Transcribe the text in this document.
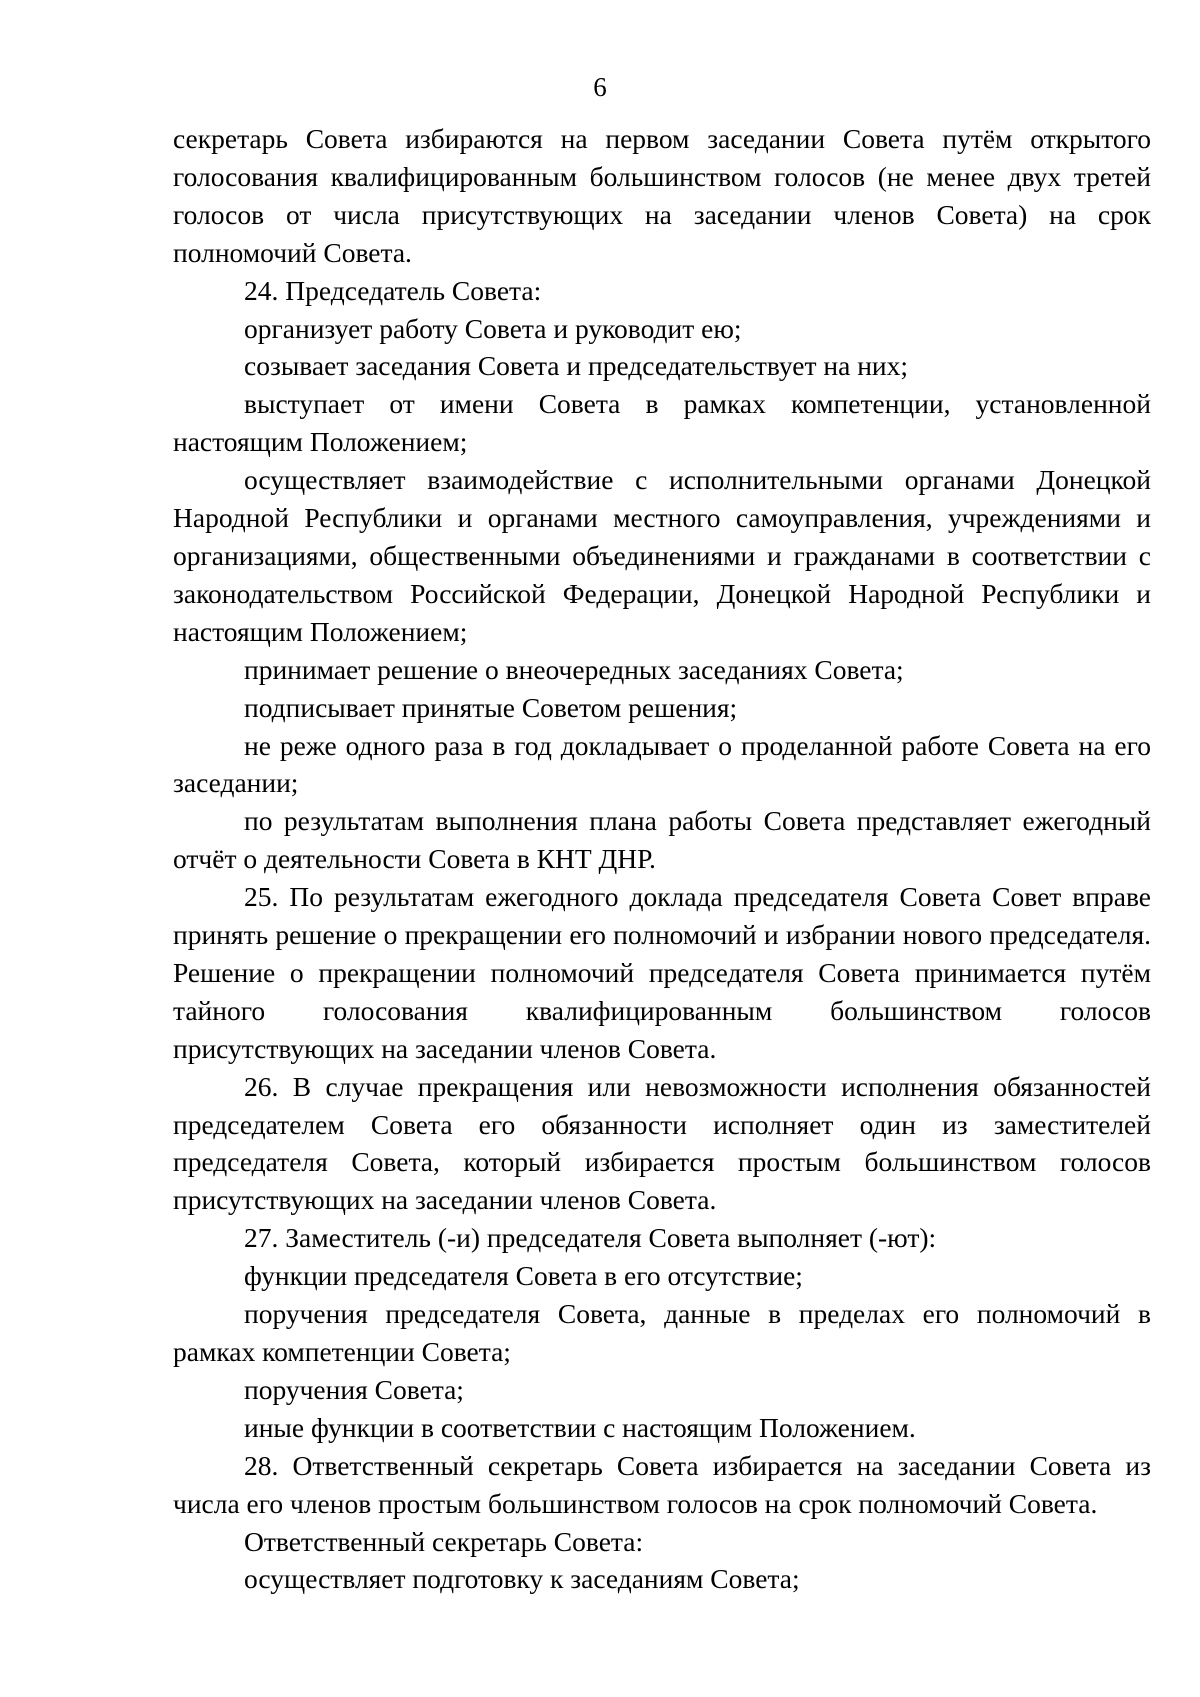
6

секретарь Совета избираются на первом заседании Совета путём открытого голосования квалифицированным большинством голосов (не менее двух третей голосов от числа присутствующих на заседании членов Совета) на срок полномочий Совета.

24. Председатель Совета:

организует работу Совета и руководит ею;

созывает заседания Совета и председательствует на них;

выступает от имени Совета в рамках компетенции, установленной настоящим Положением;

осуществляет взаимодействие с исполнительными органами Донецкой Народной Республики и органами местного самоуправления, учреждениями и организациями, общественными объединениями и гражданами в соответствии с законодательством Российской Федерации, Донецкой Народной Республики и настоящим Положением;

принимает решение о внеочередных заседаниях Совета;

подписывает принятые Советом решения;

не реже одного раза в год докладывает о проделанной работе Совета на его заседании;

по результатам выполнения плана работы Совета представляет ежегодный отчёт о деятельности Совета в КНТ ДНР.

25. По результатам ежегодного доклада председателя Совета Совет вправе принять решение о прекращении его полномочий и избрании нового председателя. Решение о прекращении полномочий председателя Совета принимается путём тайного голосования квалифицированным большинством голосов присутствующих на заседании членов Совета.

26. В случае прекращения или невозможности исполнения обязанностей председателем Совета его обязанности исполняет один из заместителей председателя Совета, который избирается простым большинством голосов присутствующих на заседании членов Совета.

27. Заместитель (-и) председателя Совета выполняет (-ют):

функции председателя Совета в его отсутствие;

поручения председателя Совета, данные в пределах его полномочий в рамках компетенции Совета;

поручения Совета;

иные функции в соответствии с настоящим Положением.

28. Ответственный секретарь Совета избирается на заседании Совета из числа его членов простым большинством голосов на срок полномочий Совета.

Ответственный секретарь Совета:

осуществляет подготовку к заседаниям Совета;
